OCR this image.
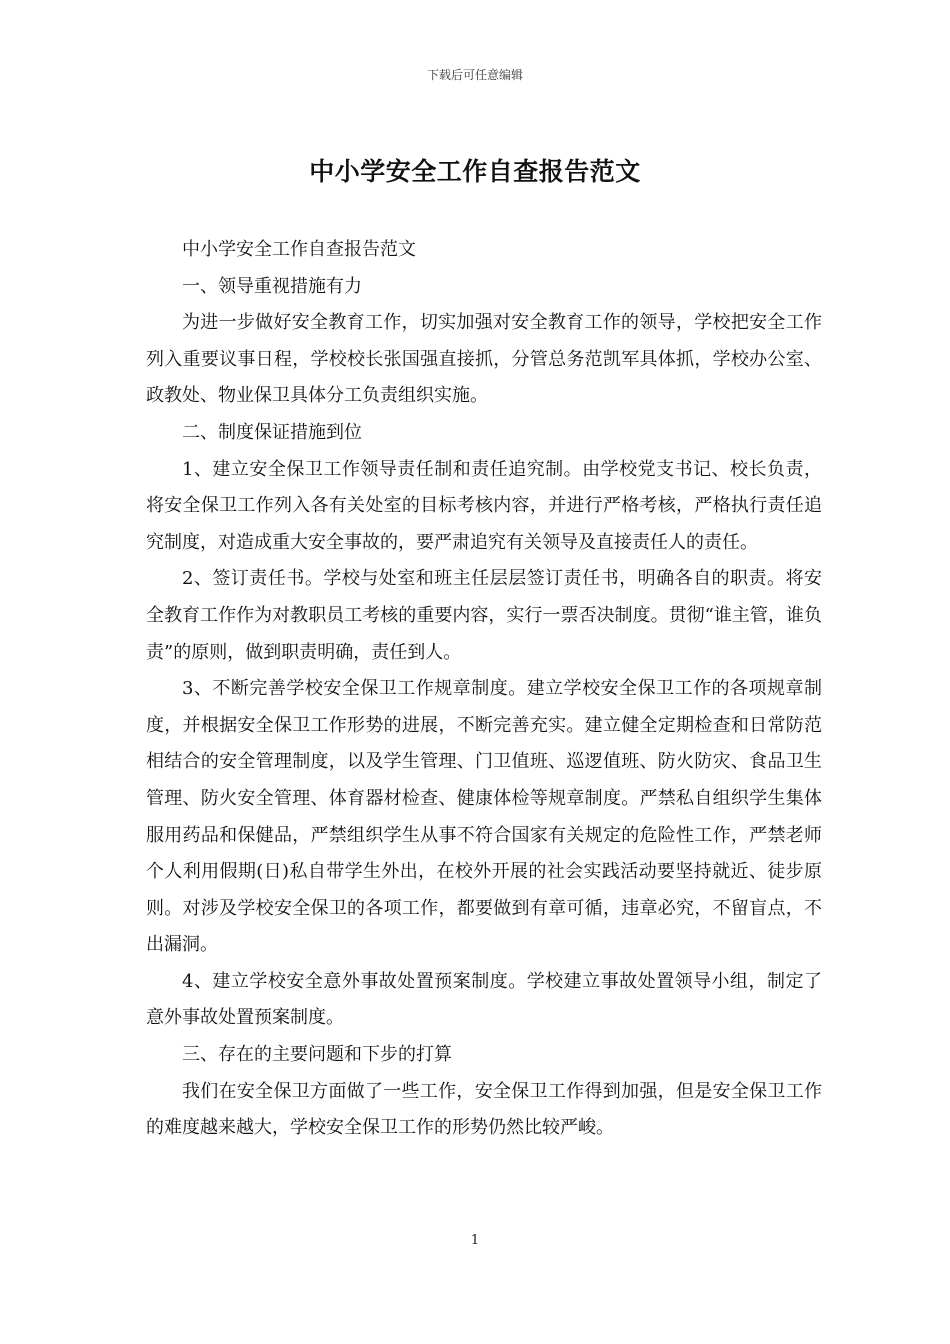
下载后可任意编辑
中小学安全工作自查报告范文

中小学安全工作自查报告范文

一、领导重视措施有力

为进一步做好安全教育工作，切实加强对安全教育工作的领导，学校把安全工作列入重要议事日程，学校校长张国强直接抓，分管总务范凯军具体抓，学校办公室、政教处、物业保卫具体分工负责组织实施。

二、制度保证措施到位

1、建立安全保卫工作领导责任制和责任追究制。由学校党支书记、校长负责，将安全保卫工作列入各有关处室的目标考核内容，并进行严格考核，严格执行责任追究制度，对造成重大安全事故的，要严肃追究有关领导及直接责任人的责任。

2、签订责任书。学校与处室和班主任层层签订责任书，明确各自的职责。将安全教育工作作为对教职员工考核的重要内容，实行一票否决制度。贯彻“谁主管，谁负责”的原则，做到职责明确，责任到人。

3、不断完善学校安全保卫工作规章制度。建立学校安全保卫工作的各项规章制度，并根据安全保卫工作形势的进展，不断完善充实。建立健全定期检查和日常防范相结合的安全管理制度，以及学生管理、门卫值班、巡逻值班、防火防灾、食品卫生管理、防火安全管理、体育器材检查、健康体检等规章制度。严禁私自组织学生集体服用药品和保健品，严禁组织学生从事不符合国家有关规定的危险性工作，严禁老师个人利用假期(日)私自带学生外出，在校外开展的社会实践活动要坚持就近、徒步原则。对涉及学校安全保卫的各项工作，都要做到有章可循，违章必究，不留盲点，不出漏洞。

4、建立学校安全意外事故处置预案制度。学校建立事故处置领导小组，制定了意外事故处置预案制度。

三、存在的主要问题和下步的打算

我们在安全保卫方面做了一些工作，安全保卫工作得到加强，但是安全保卫工作的难度越来越大，学校安全保卫工作的形势仍然比较严峻。

1
